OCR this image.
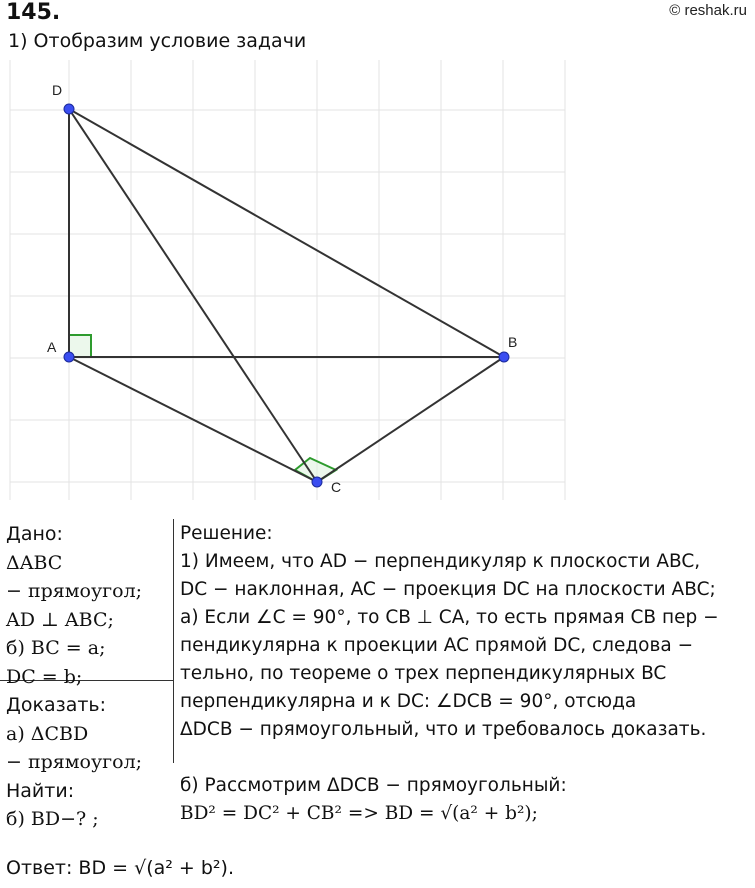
145.	© reshak.ru
1) Отобразим условие задачи
D
A	B
C
Дано:
ΔABC
− прямоугол;
AD ⊥ ABC;
б) BC = a;
DC = b;
Доказать:
а) ΔCBD
− прямоугол;
Найти:
б) BD−? ;
Решение:
1) Имеем, что AD − перпендикуляр к плоскости ABC,
DC − наклонная, AC − проекция DC на плоскости ABC;
а) Если ∠C = 90°, то CB ⊥ CA, то есть прямая CB пер −
пендикулярна к проекции AC прямой DC, следова −
тельно, по теореме о трех перпендикулярных BC
перпендикулярна и к DC: ∠DCB = 90°, отсюда
ΔDCB − прямоугольный, что и требовалось доказать.

б) Рассмотрим ΔDCB − прямоугольный:
BD² = DC² + CB² => BD = √(a² + b²);
Ответ: BD = √(a² + b²).
